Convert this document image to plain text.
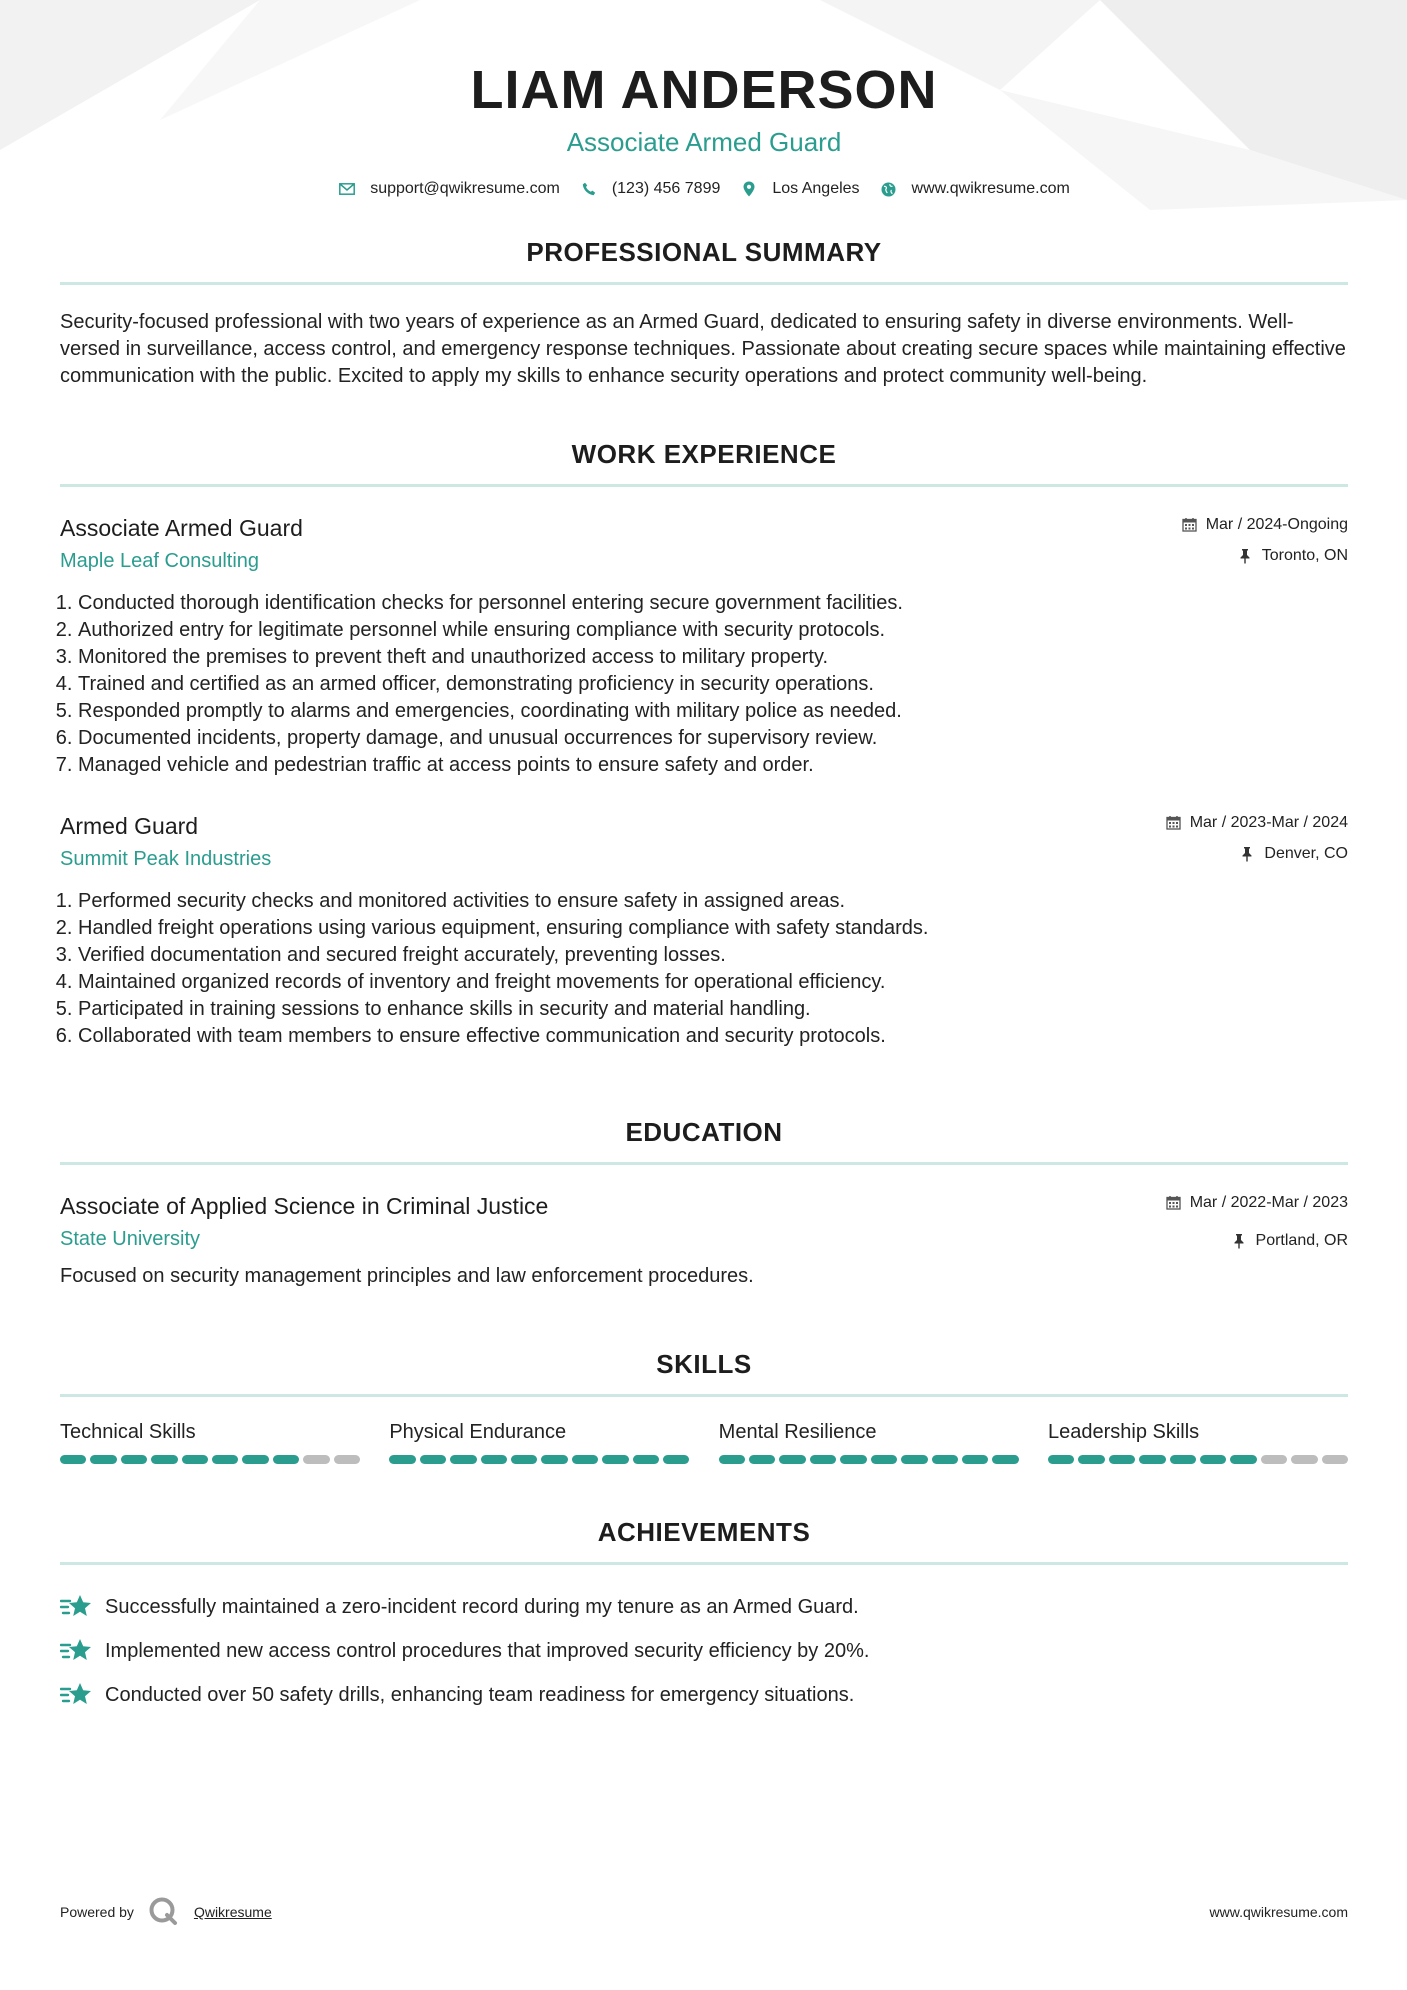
LIAM ANDERSON
Associate Armed Guard
support@qwikresume.com	(123) 456 7899	Los Angeles	www.qwikresume.com
PROFESSIONAL SUMMARY
Security-focused professional with two years of experience as an Armed Guard, dedicated to ensuring safety in diverse environments. Well-versed in surveillance, access control, and emergency response techniques. Passionate about creating secure spaces while maintaining effective communication with the public. Excited to apply my skills to enhance security operations and protect community well-being.
WORK EXPERIENCE
Associate Armed Guard
Maple Leaf Consulting
Mar / 2024-Ongoing
Toronto, ON
1. Conducted thorough identification checks for personnel entering secure government facilities.
2. Authorized entry for legitimate personnel while ensuring compliance with security protocols.
3. Monitored the premises to prevent theft and unauthorized access to military property.
4. Trained and certified as an armed officer, demonstrating proficiency in security operations.
5. Responded promptly to alarms and emergencies, coordinating with military police as needed.
6. Documented incidents, property damage, and unusual occurrences for supervisory review.
7. Managed vehicle and pedestrian traffic at access points to ensure safety and order.
Armed Guard
Summit Peak Industries
Mar / 2023-Mar / 2024
Denver, CO
1. Performed security checks and monitored activities to ensure safety in assigned areas.
2. Handled freight operations using various equipment, ensuring compliance with safety standards.
3. Verified documentation and secured freight accurately, preventing losses.
4. Maintained organized records of inventory and freight movements for operational efficiency.
5. Participated in training sessions to enhance skills in security and material handling.
6. Collaborated with team members to ensure effective communication and security protocols.
EDUCATION
Associate of Applied Science in Criminal Justice
State University
Mar / 2022-Mar / 2023
Portland, OR
Focused on security management principles and law enforcement procedures.
SKILLS
Technical Skills	Physical Endurance	Mental Resilience	Leadership Skills
ACHIEVEMENTS
Successfully maintained a zero-incident record during my tenure as an Armed Guard.
Implemented new access control procedures that improved security efficiency by 20%.
Conducted over 50 safety drills, enhancing team readiness for emergency situations.
Powered by	Qwikresume	www.qwikresume.com
